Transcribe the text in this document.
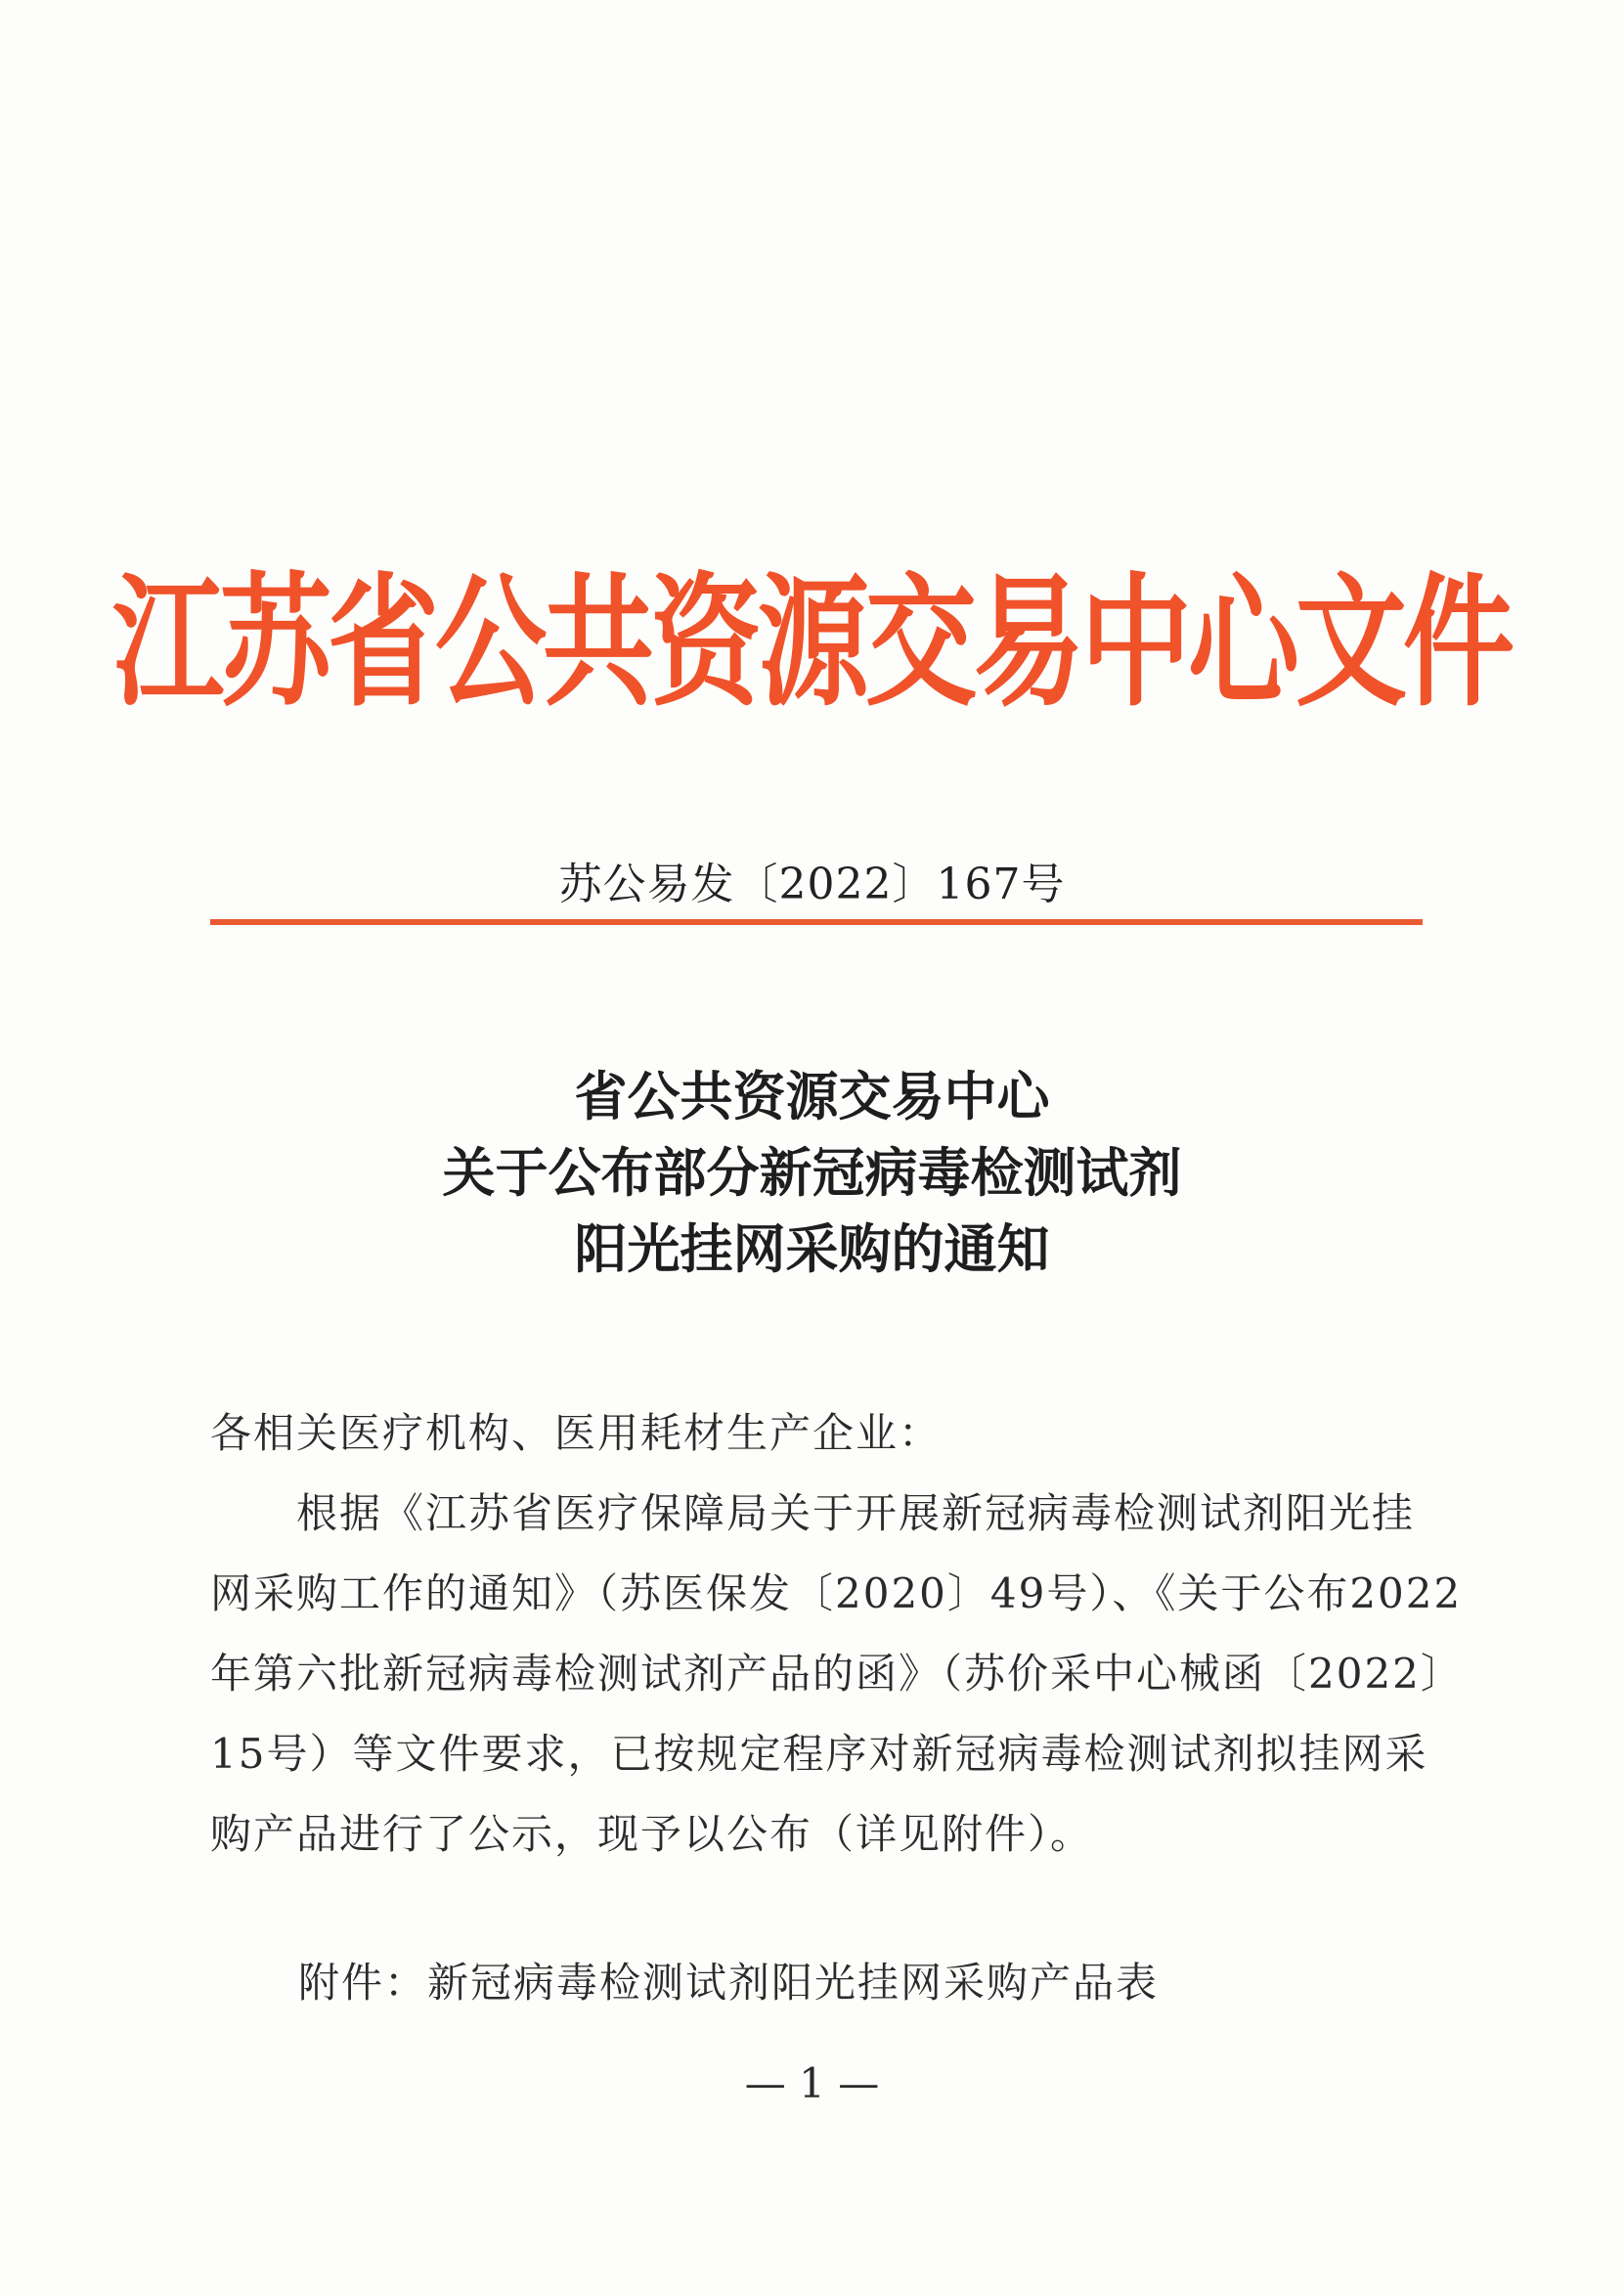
江苏省公共资源交易中心文件
苏公易发〔2022〕167号
省公共资源交易中心
关于公布部分新冠病毒检测试剂
阳光挂网采购的通知
各相关医疗机构、医用耗材生产企业：
　　根据《江苏省医疗保障局关于开展新冠病毒检测试剂阳光挂
网采购工作的通知》（苏医保发〔2020〕49号）、《关于公布2022
年第六批新冠病毒检测试剂产品的函》（苏价采中心械函〔2022〕
15号）等文件要求，已按规定程序对新冠病毒检测试剂拟挂网采
购产品进行了公示，现予以公布（详见附件）。
附件：新冠病毒检测试剂阳光挂网采购产品表
— 1 —
